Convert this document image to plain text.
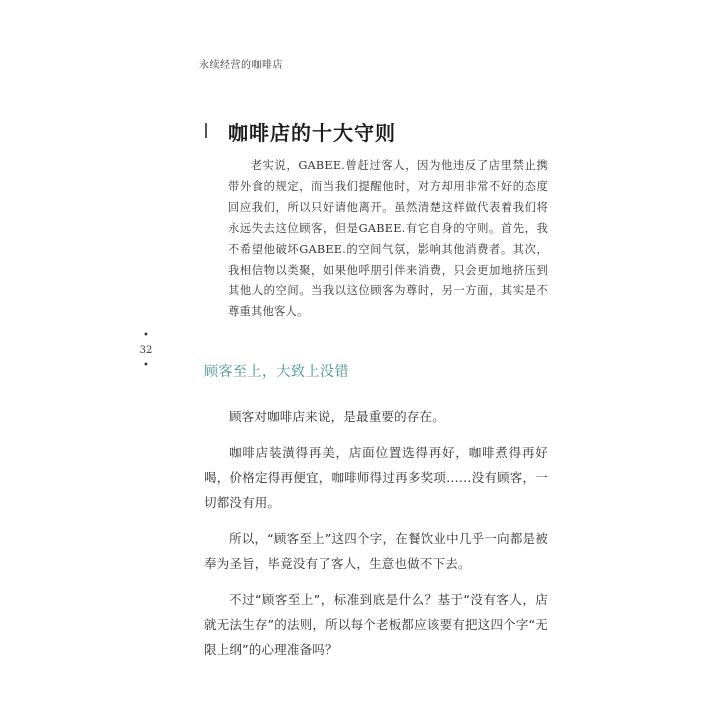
永续经营的咖啡店
咖啡店的十大守则
老实说，GABEE.曾赶过客人，因为他违反了店里禁止携带外食的规定，而当我们提醒他时，对方却用非常不好的态度回应我们，所以只好请他离开。虽然清楚这样做代表着我们将永远失去这位顾客，但是GABEE.有它自身的守则。首先，我不希望他破坏GABEE.的空间气氛，影响其他消费者。其次，我相信物以类聚，如果他呼朋引伴来消费，只会更加地挤压到其他人的空间。当我以这位顾客为尊时，另一方面，其实是不尊重其他客人。
•
32
•	顾客至上，大致上没错

顾客对咖啡店来说，是最重要的存在。

咖啡店装潢得再美，店面位置选得再好，咖啡煮得再好喝，价格定得再便宜，咖啡师得过再多奖项……没有顾客，一切都没有用。

所以，“顾客至上”这四个字，在餐饮业中几乎一向都是被奉为圣旨，毕竟没有了客人，生意也做不下去。

不过“顾客至上”，标准到底是什么？基于“没有客人，店就无法生存”的法则，所以每个老板都应该要有把这四个字“无限上纲”的心理准备吗？
